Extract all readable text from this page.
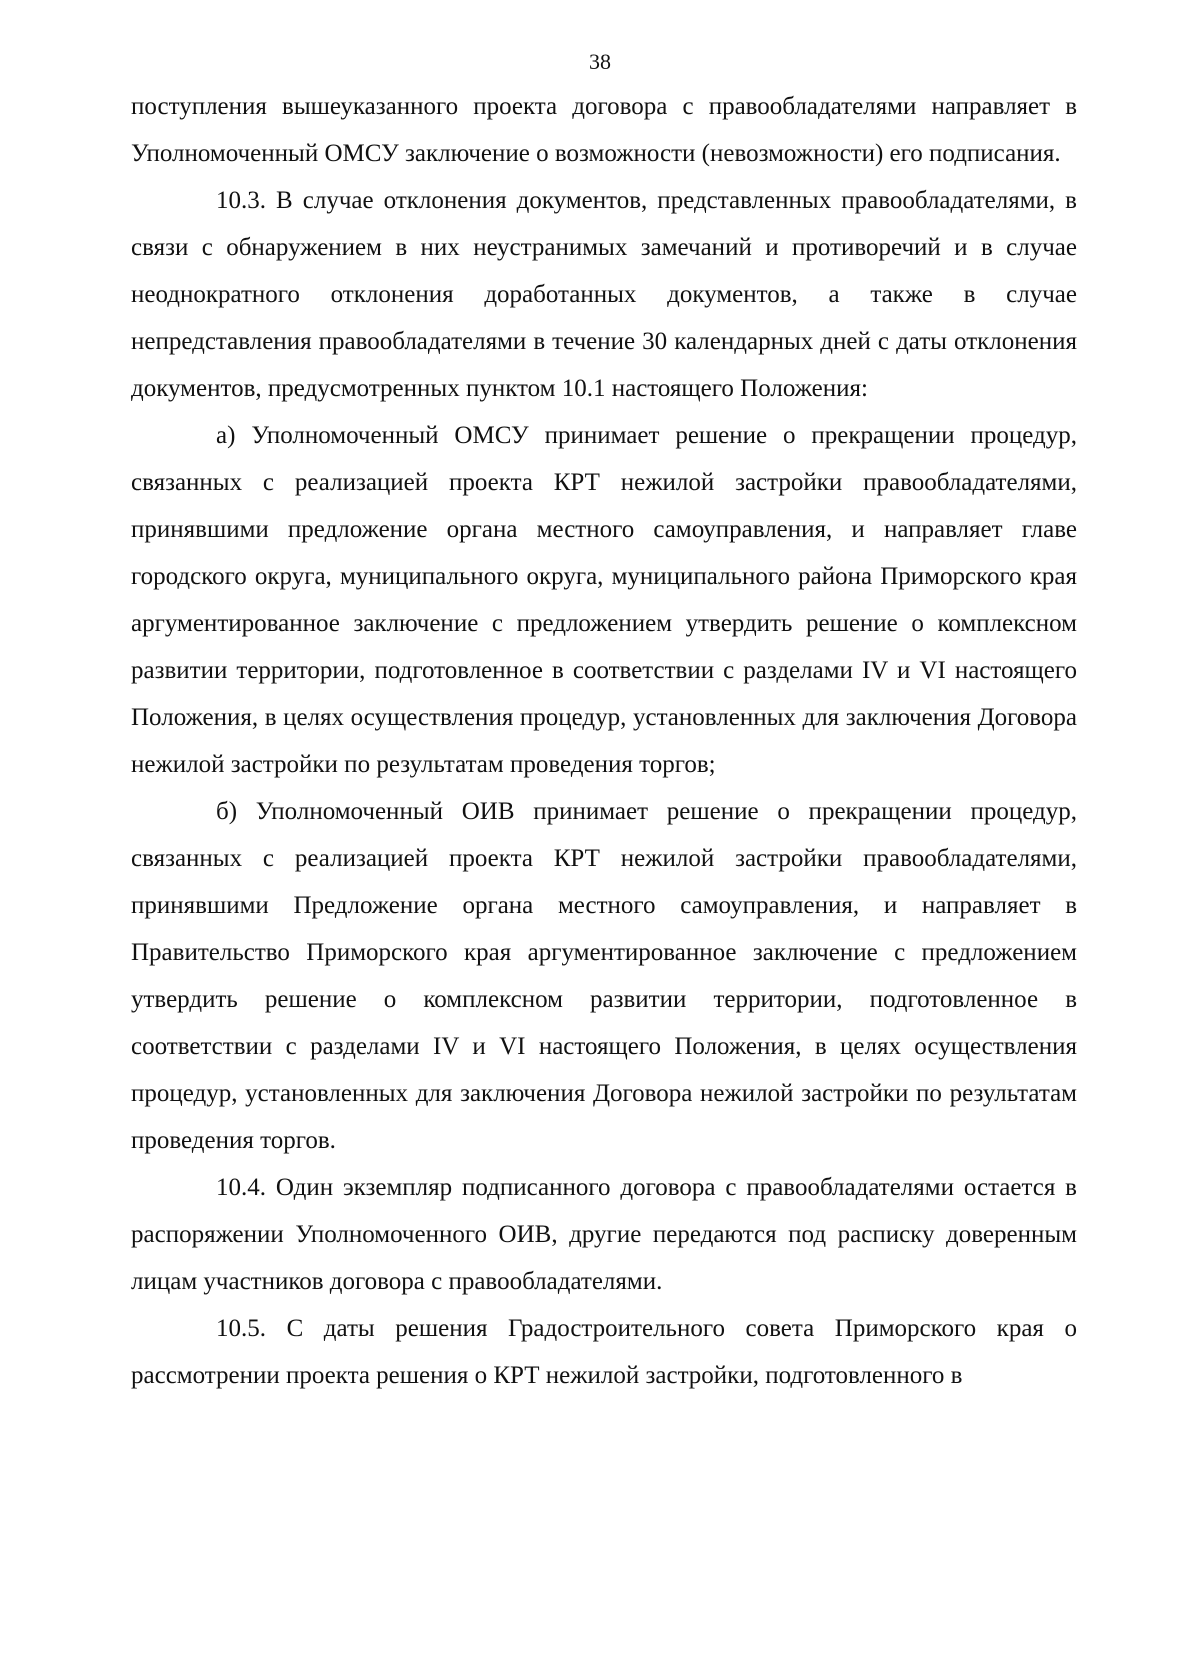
38

поступления вышеуказанного проекта договора с правообладателями направляет в Уполномоченный ОМСУ заключение о возможности (невозможности) его подписания.

10.3. В случае отклонения документов, представленных правообладателями, в связи с обнаружением в них неустранимых замечаний и противоречий и в случае неоднократного отклонения доработанных документов, а также в случае непредставления правообладателями в течение 30 календарных дней с даты отклонения документов, предусмотренных пунктом 10.1 настоящего Положения:

а) Уполномоченный ОМСУ принимает решение о прекращении процедур, связанных с реализацией проекта КРТ нежилой застройки правообладателями, принявшими предложение органа местного самоуправления, и направляет главе городского округа, муниципального округа, муниципального района Приморского края аргументированное заключение с предложением утвердить решение о комплексном развитии территории, подготовленное в соответствии с разделами IV и VI настоящего Положения, в целях осуществления процедур, установленных для заключения Договора нежилой застройки по результатам проведения торгов;

б) Уполномоченный ОИВ принимает решение о прекращении процедур, связанных с реализацией проекта КРТ нежилой застройки правообладателями, принявшими Предложение органа местного самоуправления, и направляет в Правительство Приморского края аргументированное заключение с предложением утвердить решение о комплексном развитии территории, подготовленное в соответствии с разделами IV и VI настоящего Положения, в целях осуществления процедур, установленных для заключения Договора нежилой застройки по результатам проведения торгов.

10.4. Один экземпляр подписанного договора с правообладателями остается в распоряжении Уполномоченного ОИВ, другие передаются под расписку доверенным лицам участников договора с правообладателями.

10.5. С даты решения Градостроительного совета Приморского края о рассмотрении проекта решения о КРТ нежилой застройки, подготовленного в
